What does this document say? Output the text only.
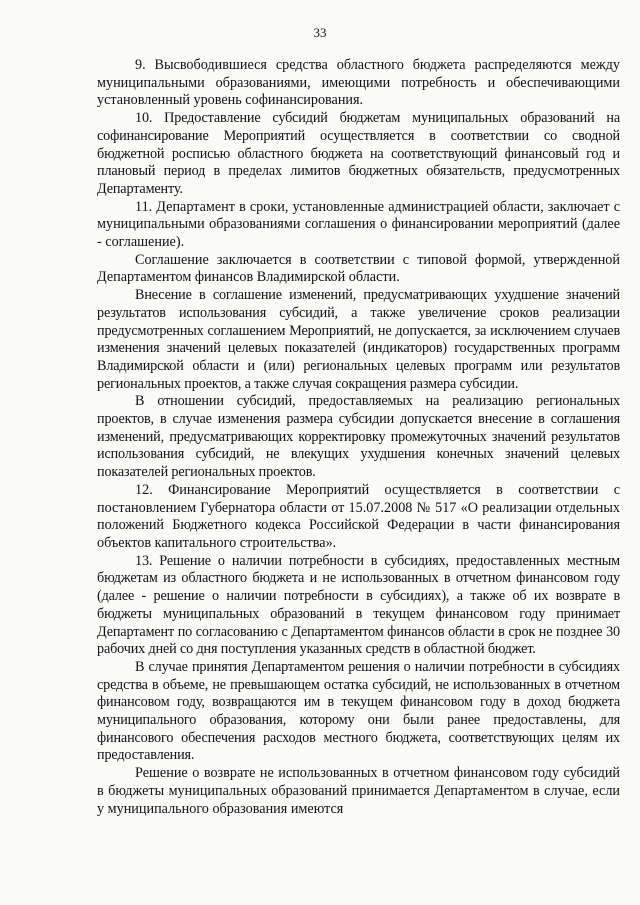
33

9. Высвободившиеся средства областного бюджета распределяются между муниципальными образованиями, имеющими потребность и обеспечивающими установленный уровень софинансирования.

10. Предоставление субсидий бюджетам муниципальных образований на софинансирование Мероприятий осуществляется в соответствии со сводной бюджетной росписью областного бюджета на соответствующий финансовый год и плановый период в пределах лимитов бюджетных обязательств, предусмотренных Департаменту.

11. Департамент в сроки, установленные администрацией области, заключает с муниципальными образованиями соглашения о финансировании мероприятий (далее - соглашение).

Соглашение заключается в соответствии с типовой формой, утвержденной Департаментом финансов Владимирской области.

Внесение в соглашение изменений, предусматривающих ухудшение значений результатов использования субсидий, а также увеличение сроков реализации предусмотренных соглашением Мероприятий, не допускается, за исключением случаев изменения значений целевых показателей (индикаторов) государственных программ Владимирской области и (или) региональных целевых программ или результатов региональных проектов, а также случая сокращения размера субсидии.

В отношении субсидий, предоставляемых на реализацию региональных проектов, в случае изменения размера субсидии допускается внесение в соглашения изменений, предусматривающих корректировку промежуточных значений результатов использования субсидий, не влекущих ухудшения конечных значений целевых показателей региональных проектов.

12. Финансирование Мероприятий осуществляется в соответствии с постановлением Губернатора области от 15.07.2008 № 517 «О реализации отдельных положений Бюджетного кодекса Российской Федерации в части финансирования объектов капитального строительства».

13. Решение о наличии потребности в субсидиях, предоставленных местным бюджетам из областного бюджета и не использованных в отчетном финансовом году (далее - решение о наличии потребности в субсидиях), а также об их возврате в бюджеты муниципальных образований в текущем финансовом году принимает Департамент по согласованию с Департаментом финансов области в срок не позднее 30 рабочих дней со дня поступления указанных средств в областной бюджет.

В случае принятия Департаментом решения о наличии потребности в субсидиях средства в объеме, не превышающем остатка субсидий, не использованных в отчетном финансовом году, возвращаются им в текущем финансовом году в доход бюджета муниципального образования, которому они были ранее предоставлены, для финансового обеспечения расходов местного бюджета, соответствующих целям их предоставления.

Решение о возврате не использованных в отчетном финансовом году субсидий в бюджеты муниципальных образований принимается Департаментом в случае, если у муниципального образования имеются
